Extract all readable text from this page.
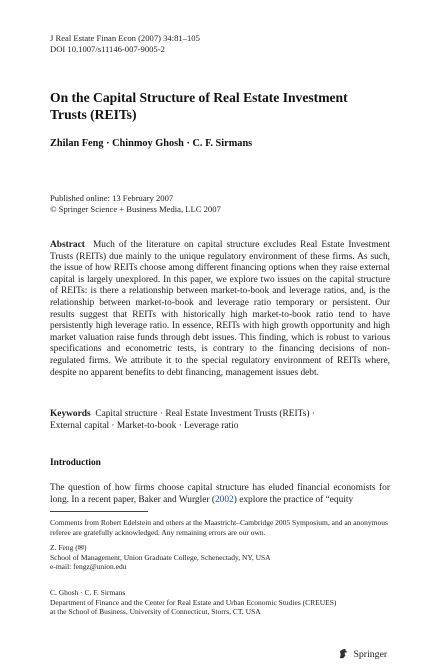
J Real Estate Finan Econ (2007) 34:81–105
DOI 10.1007/s11146-007-9005-2
On the Capital Structure of Real Estate Investment
Trusts (REITs)
Zhilan Feng · Chinmoy Ghosh · C. F. Sirmans
Published online: 13 February 2007
© Springer Science + Business Media, LLC 2007
Abstract Much of the literature on capital structure excludes Real Estate Investment Trusts (REITs) due mainly to the unique regulatory environment of these firms. As such, the issue of how REITs choose among different financing options when they raise external capital is largely unexplored. In this paper, we explore two issues on the capital structure of REITs: is there a relationship between market-to-book and leverage ratios, and, is the relationship between market-to-book and leverage ratio temporary or persistent. Our results suggest that REITs with historically high market-to-book ratio tend to have persistently high leverage ratio. In essence, REITs with high growth opportunity and high market valuation raise funds through debt issues. This finding, which is robust to various specifications and econometric tests, is contrary to the financing decisions of non-regulated firms. We attribute it to the special regulatory environment of REITs where, despite no apparent benefits to debt financing, management issues debt.
Keywords Capital structure · Real Estate Investment Trusts (REITs) ·
External capital · Market-to-book · Leverage ratio
Introduction
The question of how firms choose capital structure has eluded financial economists for long. In a recent paper, Baker and Wurgler (2002) explore the practice of “equity
Comments from Robert Edelstein and others at the Maastricht–Cambridge 2005 Symposium, and an anonymous referee are gratefully acknowledged. Any remaining errors are our own.
Z. Feng (✉)
School of Management, Union Graduate College, Schenectady, NY, USA
e-mail: fengz@union.edu
C. Ghosh · C. F. Sirmans
Department of Finance and the Center for Real Estate and Urban Economic Studies (CREUES)
at the School of Business, University of Connecticut, Storrs, CT, USA
Springer
